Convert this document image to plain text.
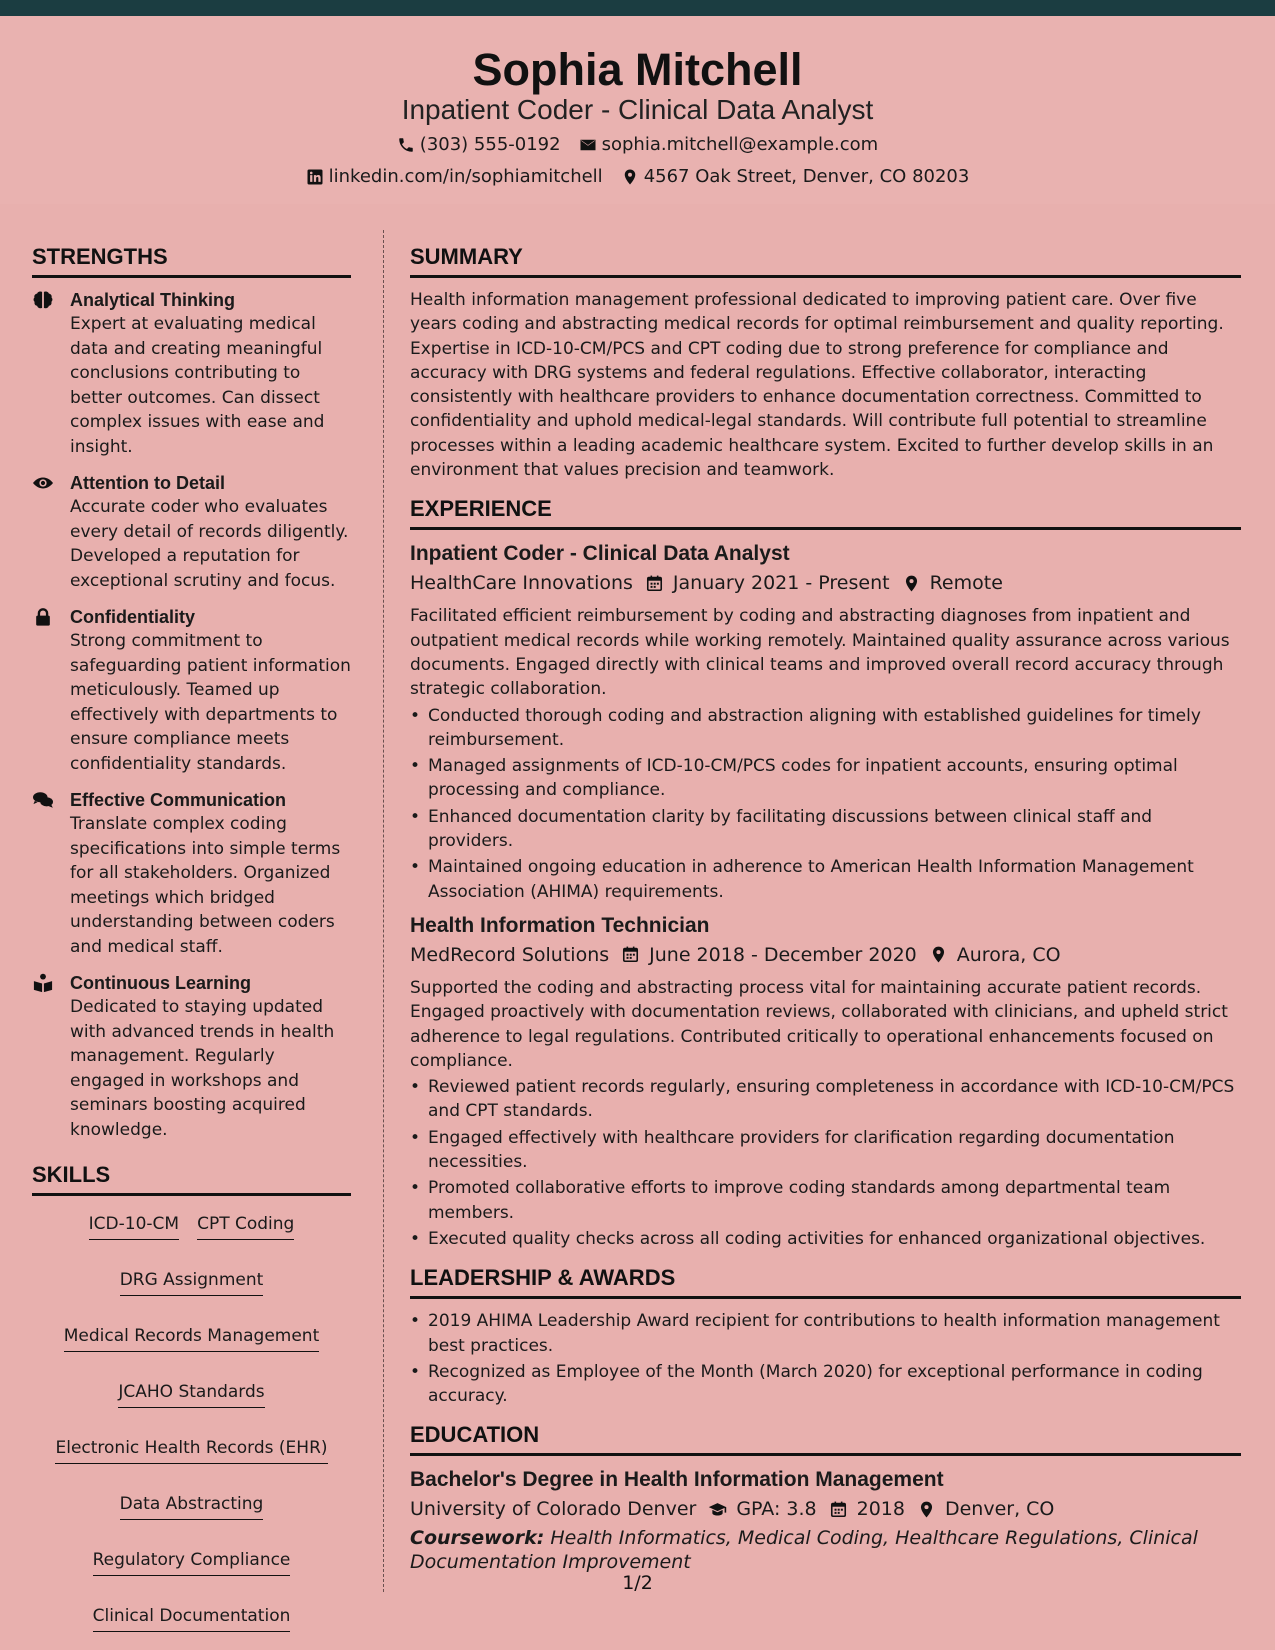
Sophia Mitchell
Inpatient Coder - Clinical Data Analyst
(303) 555-0192 sophia.mitchell@example.com
linkedin.com/in/sophiamitchell 4567 Oak Street, Denver, CO 80203
STRENGTHS
Analytical Thinking
Expert at evaluating medical data and creating meaningful conclusions contributing to better outcomes. Can dissect complex issues with ease and insight.
Attention to Detail
Accurate coder who evaluates every detail of records diligently. Developed a reputation for exceptional scrutiny and focus.
Confidentiality
Strong commitment to safeguarding patient information meticulously. Teamed up effectively with departments to ensure compliance meets confidentiality standards.
Effective Communication
Translate complex coding specifications into simple terms for all stakeholders. Organized meetings which bridged understanding between coders and medical staff.
Continuous Learning
Dedicated to staying updated with advanced trends in health management. Regularly engaged in workshops and seminars boosting acquired knowledge.
SKILLS
ICD-10-CM CPT Coding
DRG Assignment
Medical Records Management
JCAHO Standards
Electronic Health Records (EHR)
Data Abstracting
Regulatory Compliance
Clinical Documentation
SUMMARY
Health information management professional dedicated to improving patient care. Over five years coding and abstracting medical records for optimal reimbursement and quality reporting. Expertise in ICD-10-CM/PCS and CPT coding due to strong preference for compliance and accuracy with DRG systems and federal regulations. Effective collaborator, interacting consistently with healthcare providers to enhance documentation correctness. Committed to confidentiality and uphold medical-legal standards. Will contribute full potential to streamline processes within a leading academic healthcare system. Excited to further develop skills in an environment that values precision and teamwork.
EXPERIENCE
Inpatient Coder - Clinical Data Analyst
HealthCare Innovations January 2021 - Present Remote
Facilitated efficient reimbursement by coding and abstracting diagnoses from inpatient and outpatient medical records while working remotely. Maintained quality assurance across various documents. Engaged directly with clinical teams and improved overall record accuracy through strategic collaboration.
• Conducted thorough coding and abstraction aligning with established guidelines for timely reimbursement.
• Managed assignments of ICD-10-CM/PCS codes for inpatient accounts, ensuring optimal processing and compliance.
• Enhanced documentation clarity by facilitating discussions between clinical staff and providers.
• Maintained ongoing education in adherence to American Health Information Management Association (AHIMA) requirements.
Health Information Technician
MedRecord Solutions June 2018 - December 2020 Aurora, CO
Supported the coding and abstracting process vital for maintaining accurate patient records. Engaged proactively with documentation reviews, collaborated with clinicians, and upheld strict adherence to legal regulations. Contributed critically to operational enhancements focused on compliance.
• Reviewed patient records regularly, ensuring completeness in accordance with ICD-10-CM/PCS and CPT standards.
• Engaged effectively with healthcare providers for clarification regarding documentation necessities.
• Promoted collaborative efforts to improve coding standards among departmental team members.
• Executed quality checks across all coding activities for enhanced organizational objectives.
LEADERSHIP & AWARDS
• 2019 AHIMA Leadership Award recipient for contributions to health information management best practices.
• Recognized as Employee of the Month (March 2020) for exceptional performance in coding accuracy.
EDUCATION
Bachelor's Degree in Health Information Management
University of Colorado Denver GPA: 3.8 2018 Denver, CO
Coursework: Health Informatics, Medical Coding, Healthcare Regulations, Clinical Documentation Improvement
1/2
